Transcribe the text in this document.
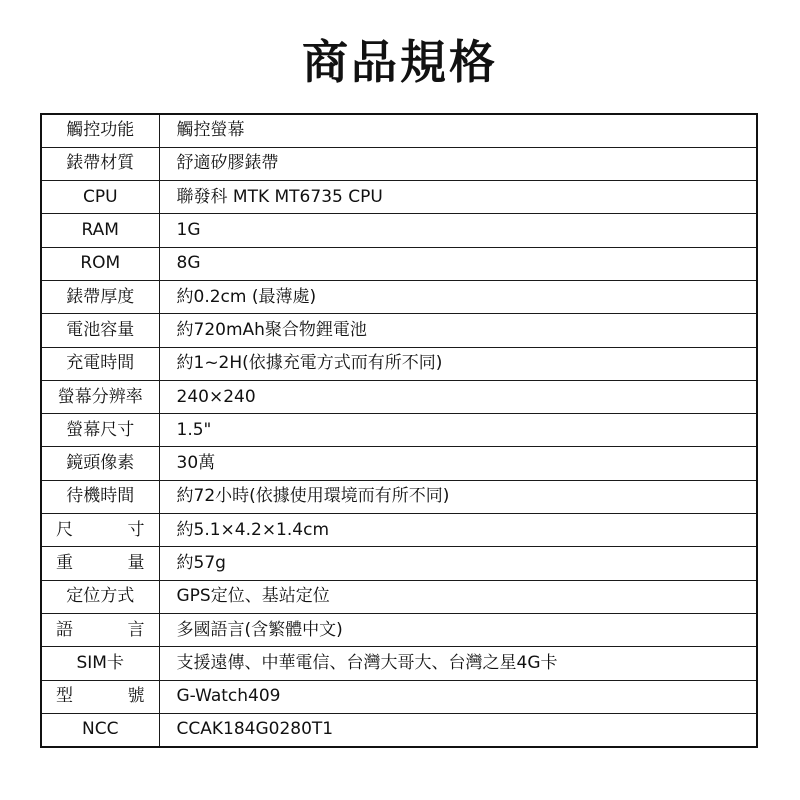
商品規格
觸控功能	觸控螢幕
錶帶材質	舒適矽膠錶帶
CPU	聯發科 MTK MT6735 CPU
RAM	1G
ROM	8G
錶帶厚度	約0.2cm (最薄處)
電池容量	約720mAh聚合物鋰電池
充電時間	約1~2H(依據充電方式而有所不同)
螢幕分辨率	240×240
螢幕尺寸	1.5"
鏡頭像素	30萬
待機時間	約72小時(依據使用環境而有所不同)
尺寸	約5.1×4.2×1.4cm
重量	約57g
定位方式	GPS定位、基站定位
語言	多國語言(含繁體中文)
SIM卡	支援遠傳、中華電信、台灣大哥大、台灣之星4G卡
型號	G-Watch409
NCC	CCAK184G0280T1
